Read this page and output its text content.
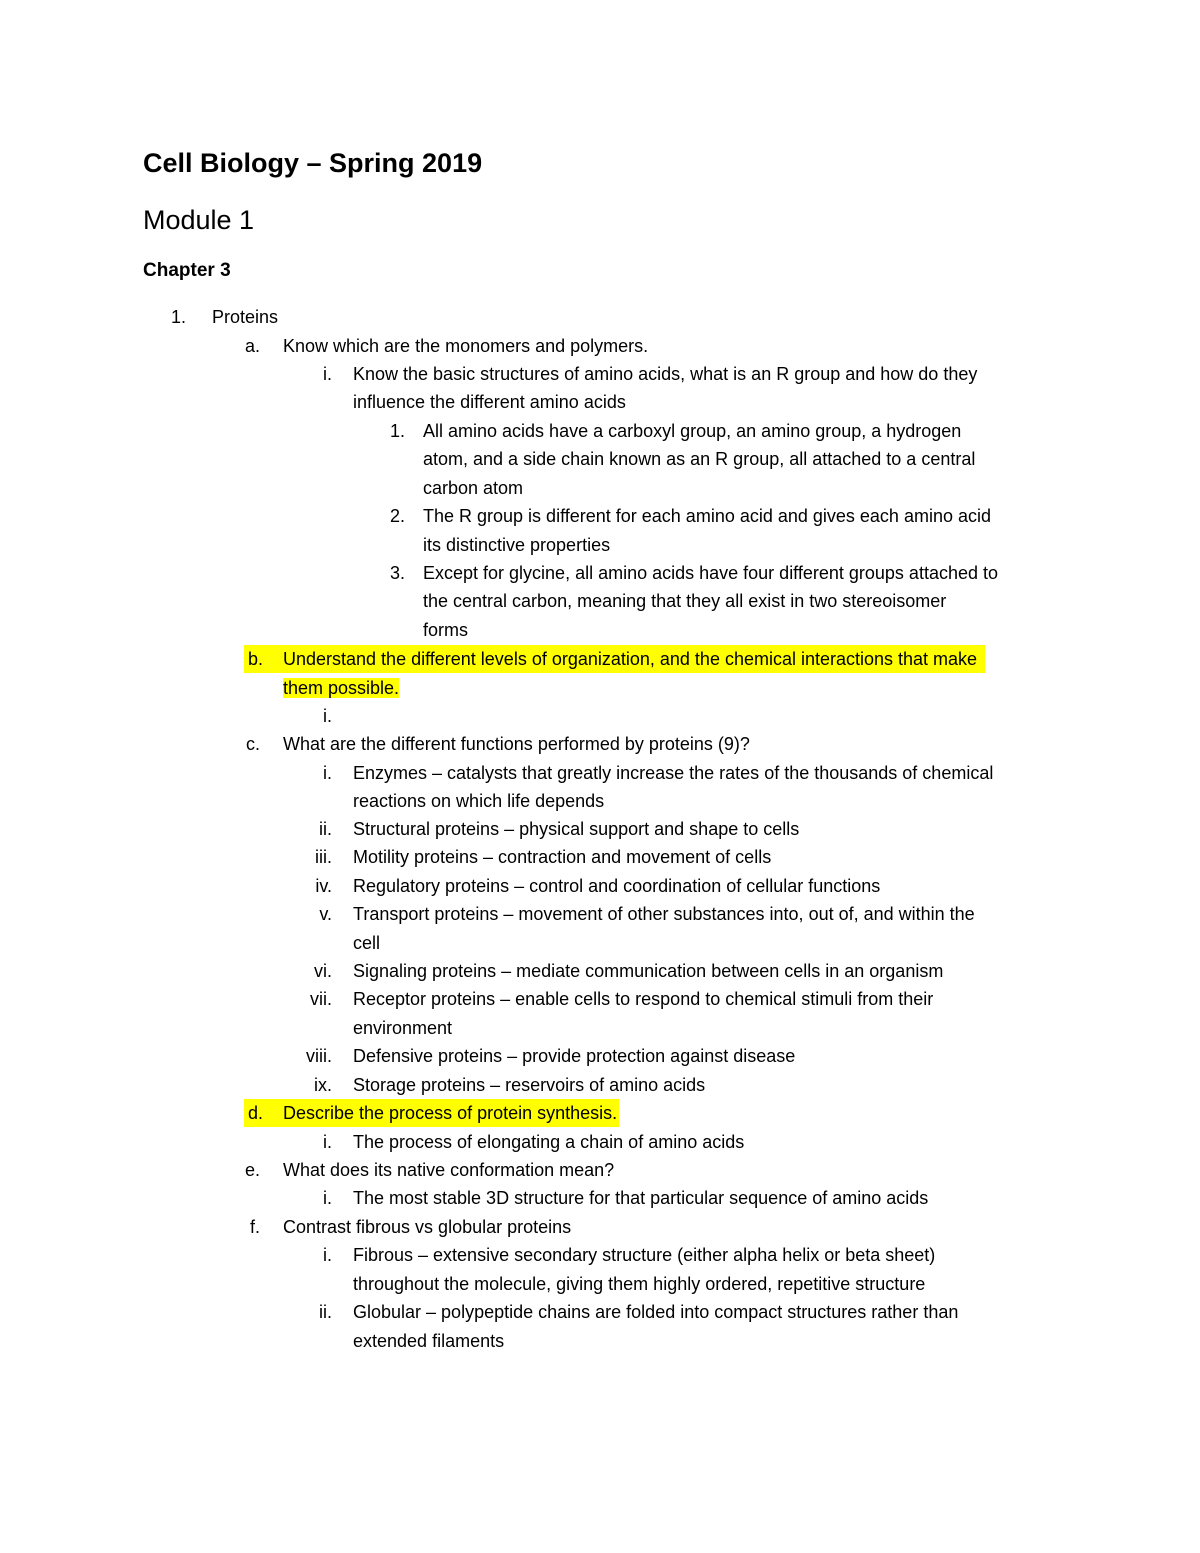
Cell Biology – Spring 2019
Module 1
Chapter 3
1. Proteins
a. Know which are the monomers and polymers.
i. Know the basic structures of amino acids, what is an R group and how do they
influence the different amino acids
1. All amino acids have a carboxyl group, an amino group, a hydrogen
atom, and a side chain known as an R group, all attached to a central
carbon atom
2. The R group is different for each amino acid and gives each amino acid
its distinctive properties
3. Except for glycine, all amino acids have four different groups attached to
the central carbon, meaning that they all exist in two stereoisomer
forms
b.	Understand the different levels of organization, and the chemical interactions that make
them possible.
i.
c. What are the different functions performed by proteins (9)?
i. Enzymes – catalysts that greatly increase the rates of the thousands of chemical
reactions on which life depends
ii. Structural proteins – physical support and shape to cells
iii. Motility proteins – contraction and movement of cells
iv. Regulatory proteins – control and coordination of cellular functions
v. Transport proteins – movement of other substances into, out of, and within the
cell
vi. Signaling proteins – mediate communication between cells in an organism
vii. Receptor proteins – enable cells to respond to chemical stimuli from their
environment
viii. Defensive proteins – provide protection against disease
ix. Storage proteins – reservoirs of amino acids
d.	Describe the process of protein synthesis.
i. The process of elongating a chain of amino acids
e. What does its native conformation mean?
i. The most stable 3D structure for that particular sequence of amino acids
f. Contrast fibrous vs globular proteins
i. Fibrous – extensive secondary structure (either alpha helix or beta sheet)
throughout the molecule, giving them highly ordered, repetitive structure
ii. Globular – polypeptide chains are folded into compact structures rather than
extended filaments
